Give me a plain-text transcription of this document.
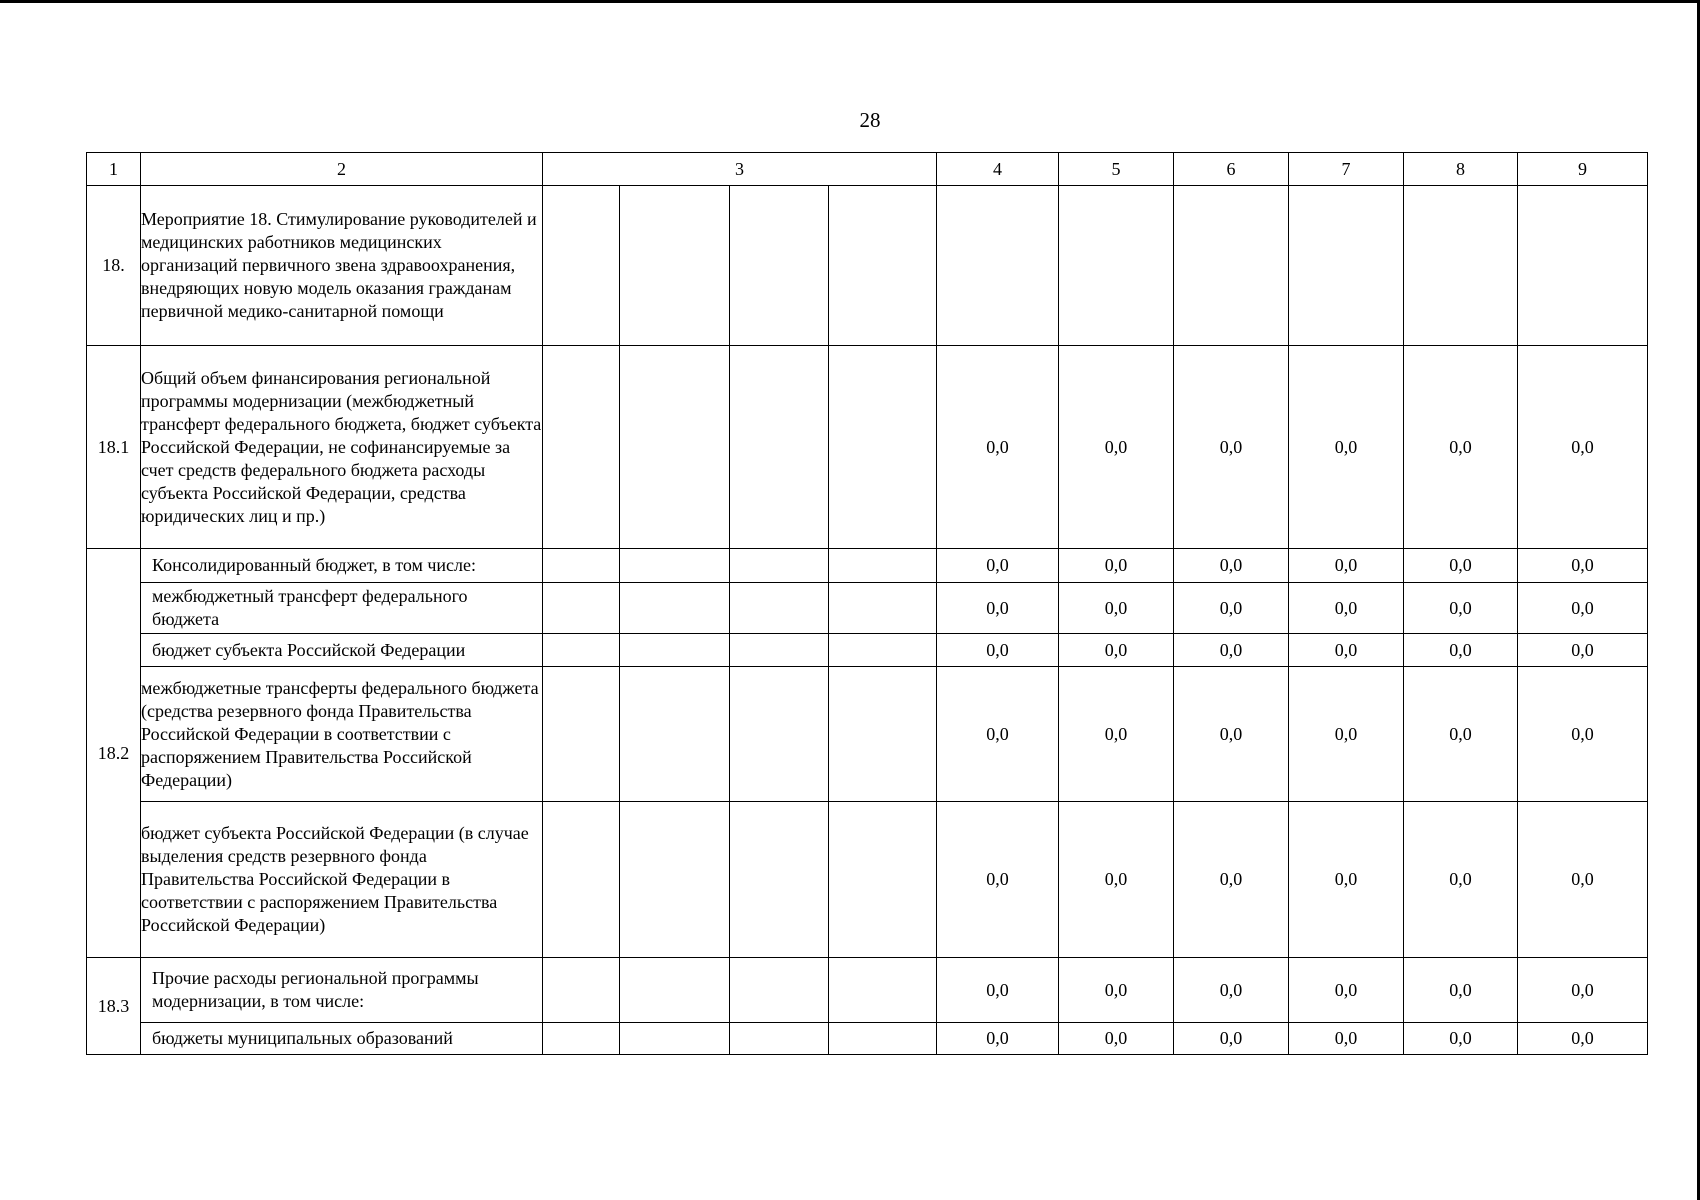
28
1	2	3				4	5	6	7	8	9
18.	Мероприятие 18. Стимулирование руководителей и медицинских работников медицинских организаций первичного звена здравоохранения, внедряющих новую модель оказания гражданам первичной медико-санитарной помощи										
18.1	Общий объем финансирования региональной программы модернизации (межбюджетный трансферт федерального бюджета, бюджет субъекта Российской Федерации, не софинансируемые за счет средств федерального бюджета расходы субъекта Российской Федерации, средства юридических лиц и пр.)					0,0	0,0	0,0	0,0	0,0	0,0
18.2	Консолидированный бюджет, в том числе:					0,0	0,0	0,0	0,0	0,0	0,0
	межбюджетный трансферт федерального бюджета					0,0	0,0	0,0	0,0	0,0	0,0
	бюджет субъекта Российской Федерации					0,0	0,0	0,0	0,0	0,0	0,0
	межбюджетные трансферты федерального бюджета (средства резервного фонда Правительства Российской Федерации в соответствии с распоряжением Правительства Российской Федерации)					0,0	0,0	0,0	0,0	0,0	0,0
	бюджет субъекта Российской Федерации (в случае выделения средств резервного фонда Правительства Российской Федерации в соответствии с распоряжением Правительства Российской Федерации)					0,0	0,0	0,0	0,0	0,0	0,0
18.3	Прочие расходы региональной программы модернизации, в том числе:					0,0	0,0	0,0	0,0	0,0	0,0
	бюджеты муниципальных образований					0,0	0,0	0,0	0,0	0,0	0,0
